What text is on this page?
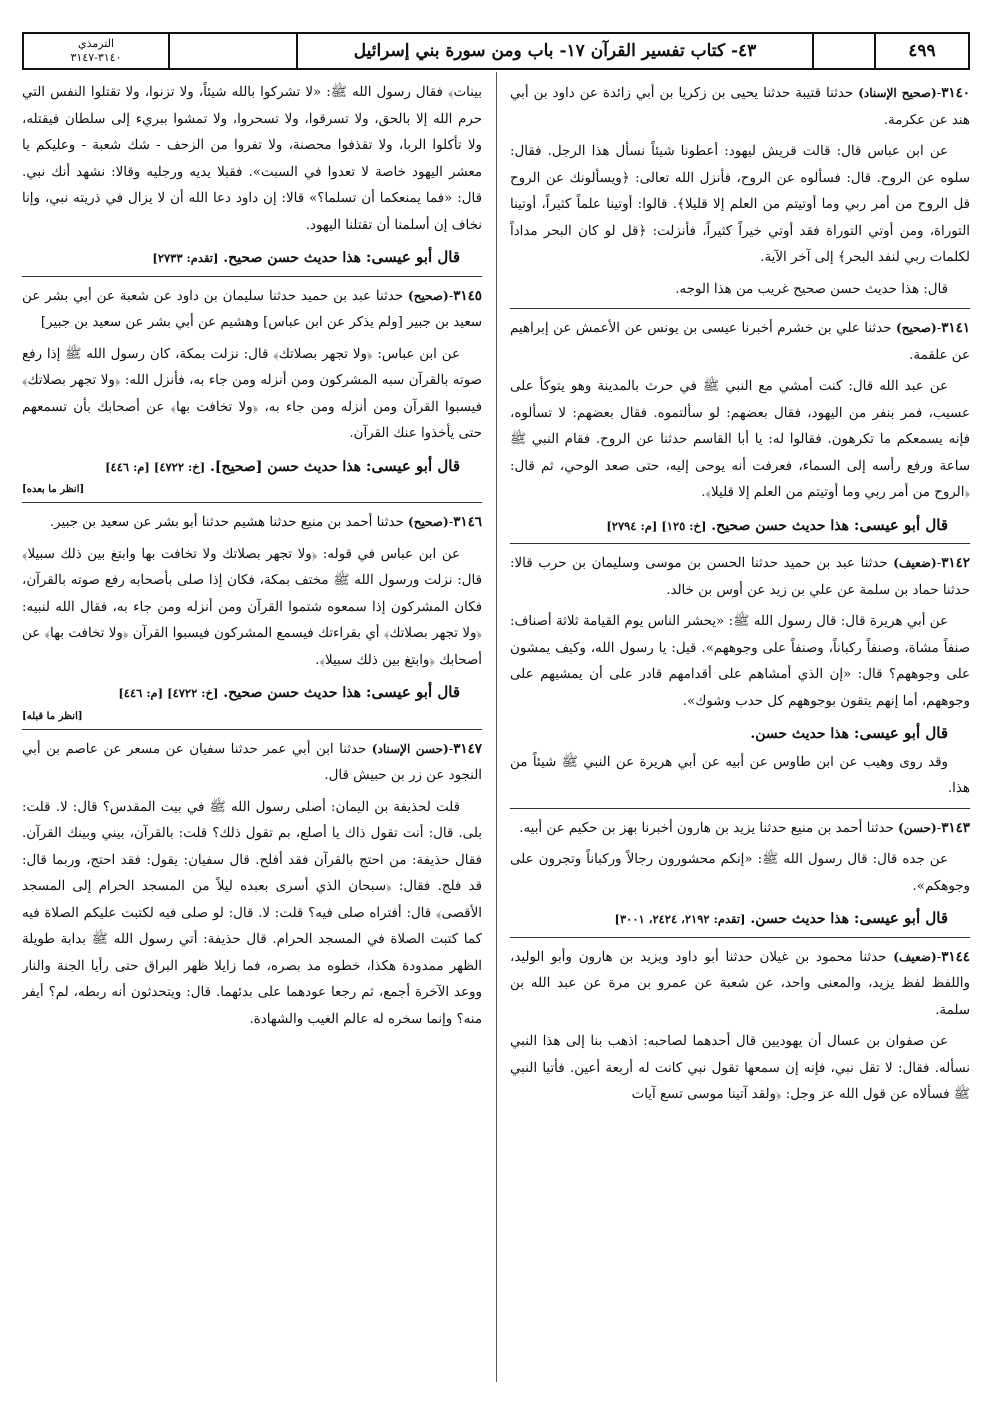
الترمذي
٣١٤٠-٣١٤٧	٤٣- كتاب تفسير القرآن ١٧- باب ومن سورة بني إسرائيل	٤٩٩
٣١٤٠-(صحيح الإسناد) حدثنا قتيبة حدثنا يحيى بن زكريا بن أبي زائدة عن داود بن أبي هند عن عكرمة.
عن ابن عباس قال: قالت قريش ليهود: أعطونا شيئاً نسأل هذا الرجل. فقال: سلوه عن الروح. قال: فسألوه عن الروح، فأنزل الله تعالى: ﴿ويسألونك عن الروح قل الروح من أمر ربي وما أوتيتم من العلم إلا قليلا﴾. قالوا: أوتينا علماً كثيراً، أوتينا التوراة، ومن أوتي التوراة فقد أوتي خيراً كثيراً، فأنزلت: ﴿قل لو كان البحر مداداً لكلمات ربي لنفد البحر﴾ إلى آخر الآية.
قال: هذا حديث حسن صحيح غريب من هذا الوجه.
٣١٤١-(صحيح) حدثنا علي بن خشرم أخبرنا عيسى بن يونس عن الأعمش عن إبراهيم عن علقمة.
عن عبد الله قال: كنت أمشي مع النبي ﷺ في حرث بالمدينة وهو يتوكأ على عسيب، فمر بنفر من اليهود، فقال بعضهم: لو سألتموه. فقال بعضهم: لا تسألوه، فإنه يسمعكم ما تكرهون. فقالوا له: يا أبا القاسم حدثنا عن الروح. فقام النبي ﷺ ساعة ورفع رأسه إلى السماء، فعرفت أنه يوحى إليه، حتى صعد الوحي، ثم قال: ﴿الروح من أمر ربي وما أوتيتم من العلم إلا قليلا﴾.
قال أبو عيسى: هذا حديث حسن صحيح. [خ: ١٢٥] [م: ٢٧٩٤]
٣١٤٢-(ضعيف) حدثنا عبد بن حميد حدثنا الحسن بن موسى وسليمان بن حرب قالا: حدثنا حماد بن سلمة عن علي بن زيد عن أوس بن خالد.
عن أبي هريرة قال: قال رسول الله ﷺ: «يحشر الناس يوم القيامة ثلاثة أصناف: صنفاً مشاة، وصنفاً ركباناً، وصنفاً على وجوههم». قيل: يا رسول الله، وكيف يمشون على وجوههم؟ قال: «إن الذي أمشاهم على أقدامهم قادر على أن يمشيهم على وجوههم، أما إنهم يتقون بوجوههم كل حدب وشوك».
قال أبو عيسى: هذا حديث حسن.
وقد روى وهيب عن ابن طاوس عن أبيه عن أبي هريرة عن النبي ﷺ شيئاً من هذا.
٣١٤٣-(حسن) حدثنا أحمد بن منيع حدثنا يزيد بن هارون أخبرنا بهز بن حكيم عن أبيه.
عن جده قال: قال رسول الله ﷺ: «إنكم محشورون رجالاً وركباناً وتجرون على وجوهكم».
قال أبو عيسى: هذا حديث حسن. [تقدم: ٢١٩٢، ٢٤٢٤، ٣٠٠١]
٣١٤٤-(ضعيف) حدثنا محمود بن غيلان حدثنا أبو داود ويزيد بن هارون وأبو الوليد، واللفظ لفظ يزيد، والمعنى واحد، عن شعبة عن عمرو بن مرة عن عبد الله بن سلمة.
عن صفوان بن عسال أن يهوديين قال أحدهما لصاحبه: اذهب بنا إلى هذا النبي نسأله. فقال: لا تقل نبي، فإنه إن سمعها تقول نبي كانت له أربعة أعين. فأتيا النبي ﷺ فسألاه عن قول الله عز وجل: ﴿ولقد آتينا موسى تسع آيات
بينات﴾ فقال رسول الله ﷺ: «لا تشركوا بالله شيئاً، ولا تزنوا، ولا تقتلوا النفس التي حرم الله إلا بالحق، ولا تسرقوا، ولا تسحروا، ولا تمشوا ببريء إلى سلطان فيقتله، ولا تأكلوا الربا، ولا تقذفوا محصنة، ولا تفروا من الزحف - شك شعبة - وعليكم يا معشر اليهود خاصة لا تعدوا في السبت». فقبلا يديه ورجليه وقالا: نشهد أنك نبي. قال: «فما يمنعكما أن تسلما؟» قالا: إن داود دعا الله أن لا يزال في ذريته نبي، وإنا نخاف إن أسلمنا أن تقتلنا اليهود.
قال أبو عيسى: هذا حديث حسن صحيح. [تقدم: ٢٧٣٣]
٣١٤٥-(صحيح) حدثنا عبد بن حميد حدثنا سليمان بن داود عن شعبة عن أبي بشر عن سعيد بن جبير [ولم يذكر عن ابن عباس] وهشيم عن أبي بشر عن سعيد بن جبير]
عن ابن عباس: ﴿ولا تجهر بصلاتك﴾ قال: نزلت بمكة، كان رسول الله ﷺ إذا رفع صوته بالقرآن سبه المشركون ومن أنزله ومن جاء به، فأنزل الله: ﴿ولا تجهر بصلاتك﴾ فيسبوا القرآن ومن أنزله ومن جاء به، ﴿ولا تخافت بها﴾ عن أصحابك بأن تسمعهم حتى يأخذوا عنك القرآن.
قال أبو عيسى: هذا حديث حسن [صحيح]. [خ: ٤٧٢٢] [م: ٤٤٦]
[انظر ما بعده]
٣١٤٦-(صحيح) حدثنا أحمد بن منيع حدثنا هشيم حدثنا أبو بشر عن سعيد بن جبير.
عن ابن عباس في قوله: ﴿ولا تجهر بصلاتك ولا تخافت بها وابتغ بين ذلك سبيلا﴾ قال: نزلت ورسول الله ﷺ مختف بمكة، فكان إذا صلى بأصحابه رفع صوته بالقرآن، فكان المشركون إذا سمعوه شتموا القرآن ومن أنزله ومن جاء به، فقال الله لنبيه: ﴿ولا تجهر بصلاتك﴾ أي بقراءتك فيسمع المشركون فيسبوا القرآن ﴿ولا تخافت بها﴾ عن أصحابك ﴿وابتغ بين ذلك سبيلا﴾.
قال أبو عيسى: هذا حديث حسن صحيح. [خ: ٤٧٢٢] [م: ٤٤٦]
[انظر ما قبله]
٣١٤٧-(حسن الإسناد) حدثنا ابن أبي عمر حدثنا سفيان عن مسعر عن عاصم بن أبي النجود عن زر بن حبيش قال.
قلت لحذيفة بن اليمان: أصلى رسول الله ﷺ في بيت المقدس؟ قال: لا. قلت: بلى. قال: أنت تقول ذاك يا أصلع، بم تقول ذلك؟ قلت: بالقرآن، بيني وبينك القرآن. فقال حذيفة: من احتج بالقرآن فقد أفلح. قال سفيان: يقول: فقد احتج، وربما قال: قد فلج. فقال: ﴿سبحان الذي أسرى بعبده ليلاً من المسجد الحرام إلى المسجد الأقصى﴾ قال: أفتراه صلى فيه؟ قلت: لا. قال: لو صلى فيه لكتبت عليكم الصلاة فيه كما كتبت الصلاة في المسجد الحرام. قال حذيفة: أتي رسول الله ﷺ بدابة طويلة الظهر ممدودة هكذا، خطوه مد بصره، فما زايلا ظهر البراق حتى رأيا الجنة والنار ووعد الآخرة أجمع، ثم رجعا عودهما على بدئهما. قال: ويتحدثون أنه ربطه، لم؟ أيفر منه؟ وإنما سخره له عالم الغيب والشهادة.
